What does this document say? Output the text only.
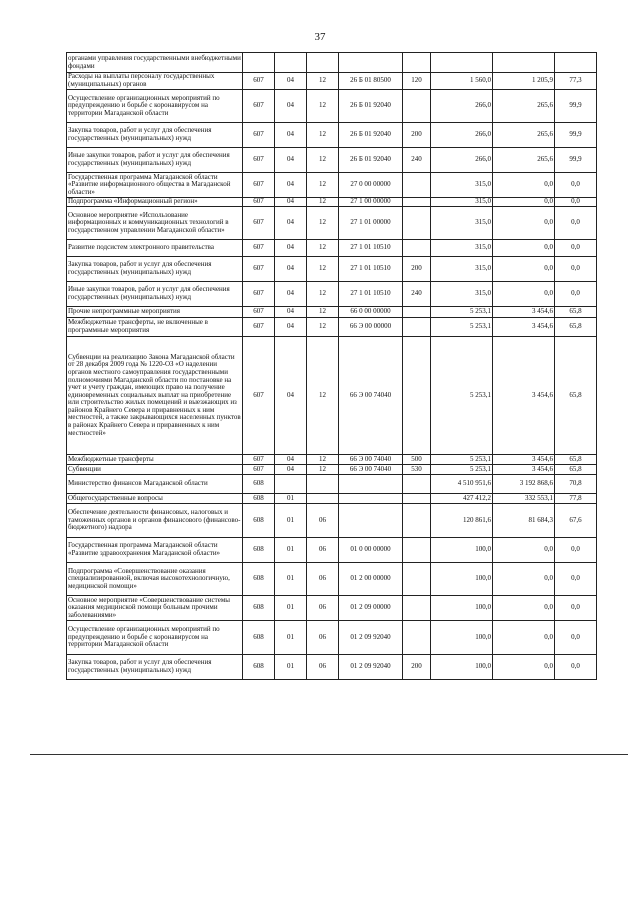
37
органами управления государственными внебюджетными фондами								
Расходы на выплаты персоналу государственных (муниципальных) органов	607	04	12	26 Б 01 80500	120	1 560,0	1 205,9	77,3
Осуществление организационных мероприятий по предупреждению и борьбе с коронавирусом на территории Магаданской области	607	04	12	26 Б 01 92040		266,0	265,6	99,9
Закупка товаров, работ и услуг для обеспечения государственных (муниципальных) нужд	607	04	12	26 Б 01 92040	200	266,0	265,6	99,9
Иные закупки товаров, работ и услуг для обеспечения государственных (муниципальных) нужд	607	04	12	26 Б 01 92040	240	266,0	265,6	99,9
Государственная программа Магаданской области «Развитие информационного общества в Магаданской области»	607	04	12	27 0 00 00000		315,0	0,0	0,0
Подпрограмма «Информационный регион»	607	04	12	27 1 00 00000		315,0	0,0	0,0
Основное мероприятие «Использование информационных и коммуникационных технологий в государственном управлении Магаданской области»	607	04	12	27 1 01 00000		315,0	0,0	0,0
Развитие подсистем электронного правительства	607	04	12	27 1 01 10510		315,0	0,0	0,0
Закупка товаров, работ и услуг для обеспечения государственных (муниципальных) нужд	607	04	12	27 1 01 10510	200	315,0	0,0	0,0
Иные закупки товаров, работ и услуг для обеспечения государственных (муниципальных) нужд	607	04	12	27 1 01 10510	240	315,0	0,0	0,0
Прочие непрограммные мероприятия	607	04	12	66 0 00 00000		5 253,1	3 454,6	65,8
Межбюджетные трансферты, не включенные в программные мероприятия	607	04	12	66 Э 00 00000		5 253,1	3 454,6	65,8
Субвенции на реализацию Закона Магаданской области от 28 декабря 2009 года № 1220-ОЗ «О наделении органов местного самоуправления государственными полномочиями Магаданской области по постановке на учет и учету граждан, имеющих право на получение единовременных социальных выплат на приобретение или строительство жилых помещений и выезжающих из районов Крайнего Севера и приравненных к ним местностей, а также закрывающихся населенных пунктов в районах Крайнего Севера и приравненных к ним местностей»	607	04	12	66 Э 00 74040		5 253,1	3 454,6	65,8
Межбюджетные трансферты	607	04	12	66 Э 00 74040	500	5 253,1	3 454,6	65,8
Субвенции	607	04	12	66 Э 00 74040	530	5 253,1	3 454,6	65,8
Министерство финансов Магаданской области	608					4 510 951,6	3 192 868,6	70,8
Общегосударственные вопросы	608	01				427 412,2	332 553,1	77,8
Обеспечение деятельности финансовых, налоговых и таможенных органов и органов финансового (финансово-бюджетного) надзора	608	01	06			120 861,6	81 684,3	67,6
Государственная программа Магаданской области «Развитие здравоохранения Магаданской области»	608	01	06	01 0 00 00000		100,0	0,0	0,0
Подпрограмма «Совершенствование оказания специализированной, включая высокотехнологичную, медицинской помощи»	608	01	06	01 2 00 00000		100,0	0,0	0,0
Основное мероприятие «Совершенствование системы оказания медицинской помощи больным прочими заболеваниями»	608	01	06	01 2 09 00000		100,0	0,0	0,0
Осуществление организационных мероприятий по предупреждению и борьбе с коронавирусом на территории Магаданской области	608	01	06	01 2 09 92040		100,0	0,0	0,0
Закупка товаров, работ и услуг для обеспечения государственных (муниципальных) нужд	608	01	06	01 2 09 92040	200	100,0	0,0	0,0
